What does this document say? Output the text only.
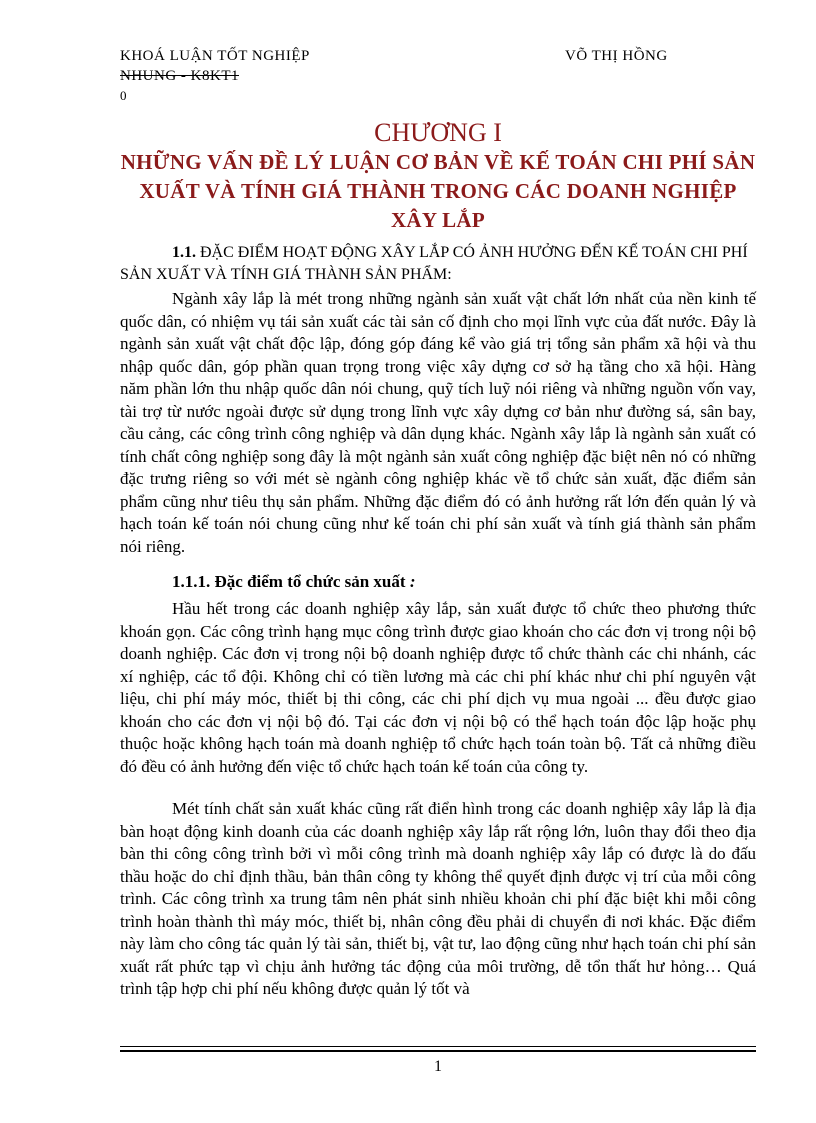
KHOÁ LUẬN TỐT NGHIỆP	VÕ THỊ HỒNG
NHUNG - K8KT1
0
CHƯƠNG I
NHỮNG VẤN ĐỀ LÝ LUẬN CƠ BẢN VỀ KẾ TOÁN CHI PHÍ SẢN XUẤT VÀ TÍNH GIÁ THÀNH TRONG CÁC DOANH NGHIỆP XÂY LẮP
1.1. ĐẶC ĐIỂM HOẠT ĐỘNG XÂY LẮP CÓ ẢNH HƯỞNG ĐẾN KẾ TOÁN CHI PHÍ SẢN XUẤT VÀ TÍNH GIÁ THÀNH SẢN PHẨM:

Ngành xây lắp là mét trong những ngành sản xuất vật chất lớn nhất của nền kinh tế quốc dân, có nhiệm vụ tái sản xuất các tài sản cố định cho mọi lĩnh vực của đất nước. Đây là ngành sản xuất vật chất độc lập, đóng góp đáng kể vào giá trị tổng sản phẩm xã hội và thu nhập quốc dân, góp phần quan trọng trong việc xây dựng cơ sở hạ tầng cho xã hội. Hàng năm phần lớn thu nhập quốc dân nói chung, quỹ tích luỹ nói riêng và những nguồn vốn vay, tài trợ từ nước ngoài được sử dụng trong lĩnh vực xây dựng cơ bản như đường sá, sân bay, cầu cảng, các công trình công nghiệp và dân dụng khác. Ngành xây lắp là ngành sản xuất có tính chất công nghiệp song đây là một ngành sản xuất công nghiệp đặc biệt nên nó có những đặc trưng riêng so với mét sè ngành công nghiệp khác về tổ chức sản xuất, đặc điểm sản phẩm cũng như tiêu thụ sản phẩm. Những đặc điểm đó có ảnh hưởng rất lớn đến quản lý và hạch toán kế toán nói chung cũng như kế toán chi phí sản xuất và tính giá thành sản phẩm nói riêng.

1.1.1. Đặc điểm tổ chức sản xuất :

Hầu hết trong các doanh nghiệp xây lắp, sản xuất được tổ chức theo phương thức khoán gọn. Các công trình hạng mục công trình được giao khoán cho các đơn vị trong nội bộ doanh nghiệp. Các đơn vị trong nội bộ doanh nghiệp được tổ chức thành các chi nhánh, các xí nghiệp, các tổ đội. Không chỉ có tiền lương mà các chi phí khác như chi phí nguyên vật liệu, chi phí máy móc, thiết bị thi công, các chi phí dịch vụ mua ngoài ... đều được giao khoán cho các đơn vị nội bộ đó. Tại các đơn vị nội bộ có thể hạch toán độc lập hoặc phụ thuộc hoặc không hạch toán mà doanh nghiệp tổ chức hạch toán toàn bộ. Tất cả những điều đó đều có ảnh hưởng đến việc tổ chức hạch toán kế toán của công ty.

Mét tính chất sản xuất khác cũng rất điển hình trong các doanh nghiệp xây lắp là địa bàn hoạt động kinh doanh của các doanh nghiệp xây lắp rất rộng lớn, luôn thay đổi theo địa bàn thi công công trình bởi vì mỗi công trình mà doanh nghiệp xây lắp có được là do đấu thầu hoặc do chỉ định thầu, bản thân công ty không thể quyết định được vị trí của mỗi công trình. Các công trình xa trung tâm nên phát sinh nhiều khoản chi phí đặc biệt khi mỗi công trình hoàn thành thì máy móc, thiết bị, nhân công đều phải di chuyển đi nơi khác. Đặc điểm này làm cho công tác quản lý tài sản, thiết bị, vật tư, lao động cũng như hạch toán chi phí sản xuất rất phức tạp vì chịu ảnh hưởng tác động của môi trường, dễ tổn thất hư hỏng… Quá trình tập hợp chi phí nếu không được quản lý tốt và

1
